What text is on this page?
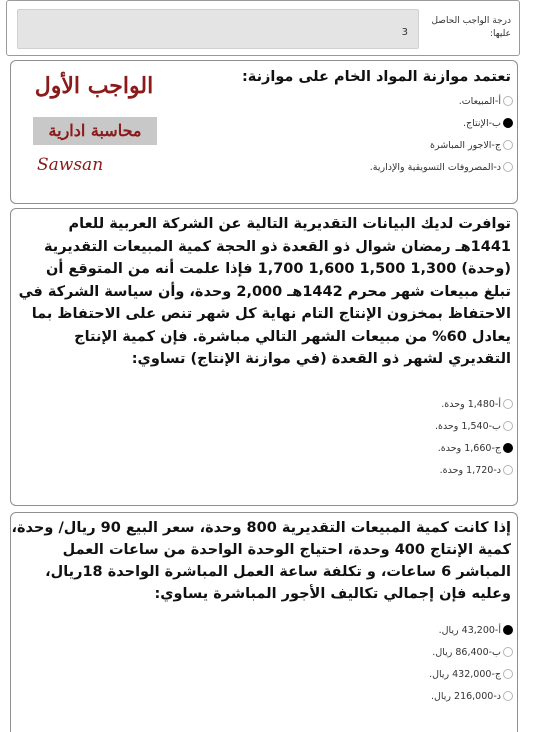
درجة الواجب الحاصل عليها:
3
الواجب الأول
محاسبة ادارية
Sawsan
تعتمد موازنة المواد الخام على موازنة:
أ-المبيعات.
ب-الإنتاج.
ج-الاجور المباشرة
د-المصروفات التسويقية والإدارية.
توافرت لديك البيانات التقديرية التالية عن الشركة العربية للعام 1441هـ رمضان شوال ذو القعدة ذو الحجة كمية المبيعات التقديرية (وحدة) 1,300 1,500 1,600 1,700 فإذا علمت أنه من المتوقع أن تبلغ مبيعات شهر محرم 1442هـ 2,000 وحدة، وأن سياسة الشركة في الاحتفاظ بمخزون الإنتاج التام نهاية كل شهر تنص على الاحتفاظ بما يعادل 60% من مبيعات الشهر التالي مباشرة. فإن كمية الإنتاج التقديري لشهر ذو القعدة (في موازنة الإنتاج) تساوي:
أ-1,480 وحدة.
ب-1,540 وحدة.
ج-1,660 وحدة.
د-1,720 وحدة.
إذا كانت كمية المبيعات التقديرية 800 وحدة، سعر البيع 90 ريال/ وحدة، كمية الإنتاج 400 وحدة، احتياج الوحدة الواحدة من ساعات العمل المباشر 6 ساعات، و تكلفة ساعة العمل المباشرة الواحدة 18ريال، وعليه فإن إجمالي تكاليف الأجور المباشرة يساوي:
أ-43,200 ريال.
ب-86,400 ريال.
ج-432,000 ريال.
د-216,000 ريال.
